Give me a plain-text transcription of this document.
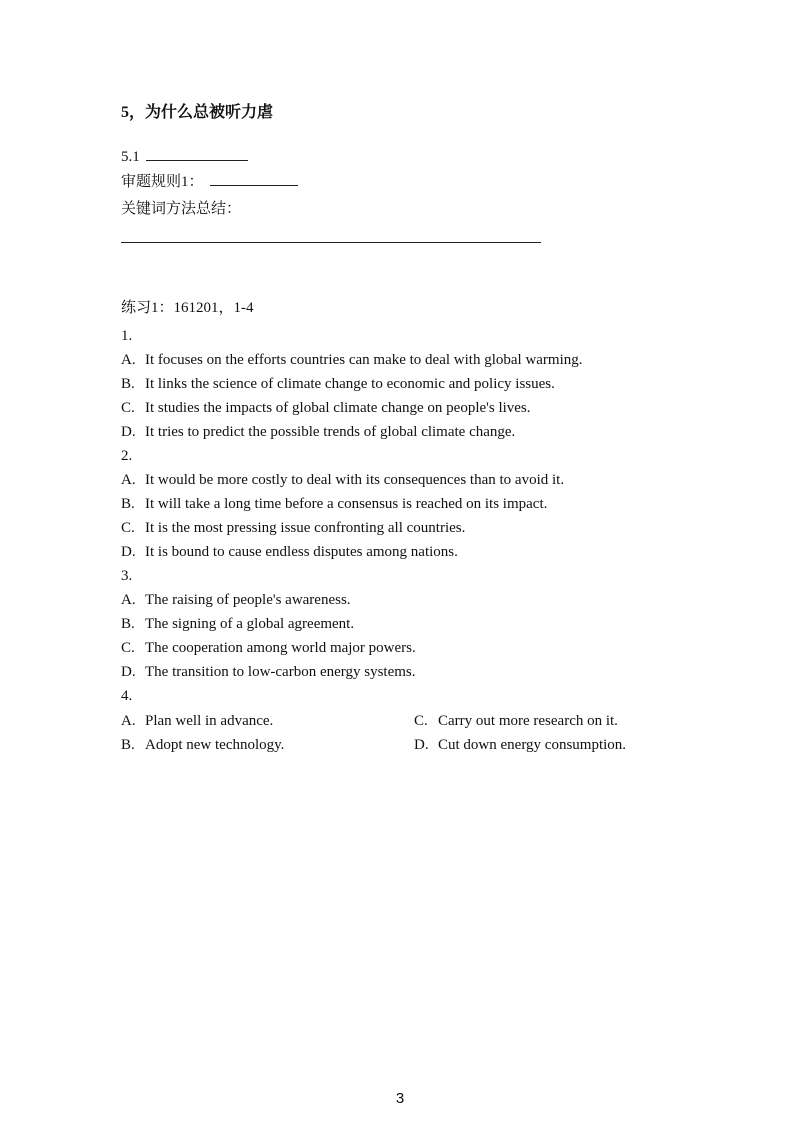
5，为什么总被听力虐
5.1
审题规则1：
关键词方法总结：
练习1：161201，1-4
1.
A. It focuses on the efforts countries can make to deal with global warming.
B. It links the science of climate change to economic and policy issues.
C. It studies the impacts of global climate change on people's lives.
D. It tries to predict the possible trends of global climate change.
2.
A. It would be more costly to deal with its consequences than to avoid it.
B. It will take a long time before a consensus is reached on its impact.
C. It is the most pressing issue confronting all countries.
D. It is bound to cause endless disputes among nations.
3.
A. The raising of people's awareness.
B. The signing of a global agreement.
C. The cooperation among world major powers.
D. The transition to low-carbon energy systems.
4.
A. Plan well in advance.	C. Carry out more research on it.
B. Adopt new technology.	D. Cut down energy consumption.
3
